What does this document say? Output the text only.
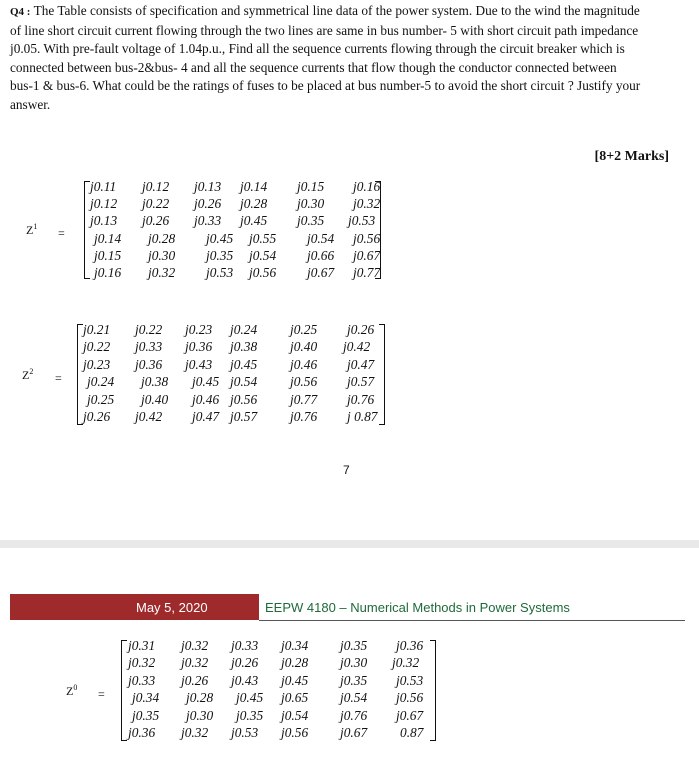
Q4 : The Table consists of specification and symmetrical line data of the power system. Due to the wind the magnitude
of line short circuit current flowing through the two lines are same in bus number- 5 with short circuit path impedance
j0.05. With pre-fault voltage of 1.04p.u., Find all the sequence currents flowing through the circuit breaker which is
connected between bus-2&bus- 4 and all the sequence currents that flow though the conductor connected between
bus-1 & bus-6. What could be the ratings of fuses to be placed at bus number-5 to avoid the short circuit ? Justify your
answer.
[8+2 Marks]
$Z^1$ =
j0.11 j0.12 j0.13 j0.14 j0.15 j0.16
j0.12 j0.22 j0.26 j0.28 j0.30 j0.32
j0.13 j0.26 j0.33 j0.45 j0.35 j0.53
j0.14 j0.28 j0.45 j0.55 j0.54 j0.56
j0.15 j0.30 j0.35 j0.54 j0.66 j0.67
j0.16 j0.32 j0.53 j0.56 j0.67 j0.77
$Z^2$ =
j0.21 j0.22 j0.23 j0.24 j0.25 j0.26
j0.22 j0.33 j0.36 j0.38 j0.40 j0.42
j0.23 j0.36 j0.43 j0.45 j0.46 j0.47
j0.24 j0.38 j0.45 j0.54 j0.56 j0.57
j0.25 j0.40 j0.46 j0.56 j0.77 j0.76
j0.26 j0.42 j0.47 j0.57 j0.76 j 0.87
7
May 5, 2020	EEPW 4180 – Numerical Methods in Power Systems
$Z^0$ =
j0.31 j0.32 j0.33 j0.34 j0.35 j0.36
j0.32 j0.32 j0.26 j0.28 j0.30 j0.32
j0.33 j0.26 j0.43 j0.45 j0.35 j0.53
j0.34 j0.28 j0.45 j0.65 j0.54 j0.56
j0.35 j0.30 j0.35 j0.54 j0.76 j0.67
j0.36 j0.32 j0.53 j0.56 j0.67 0.87
